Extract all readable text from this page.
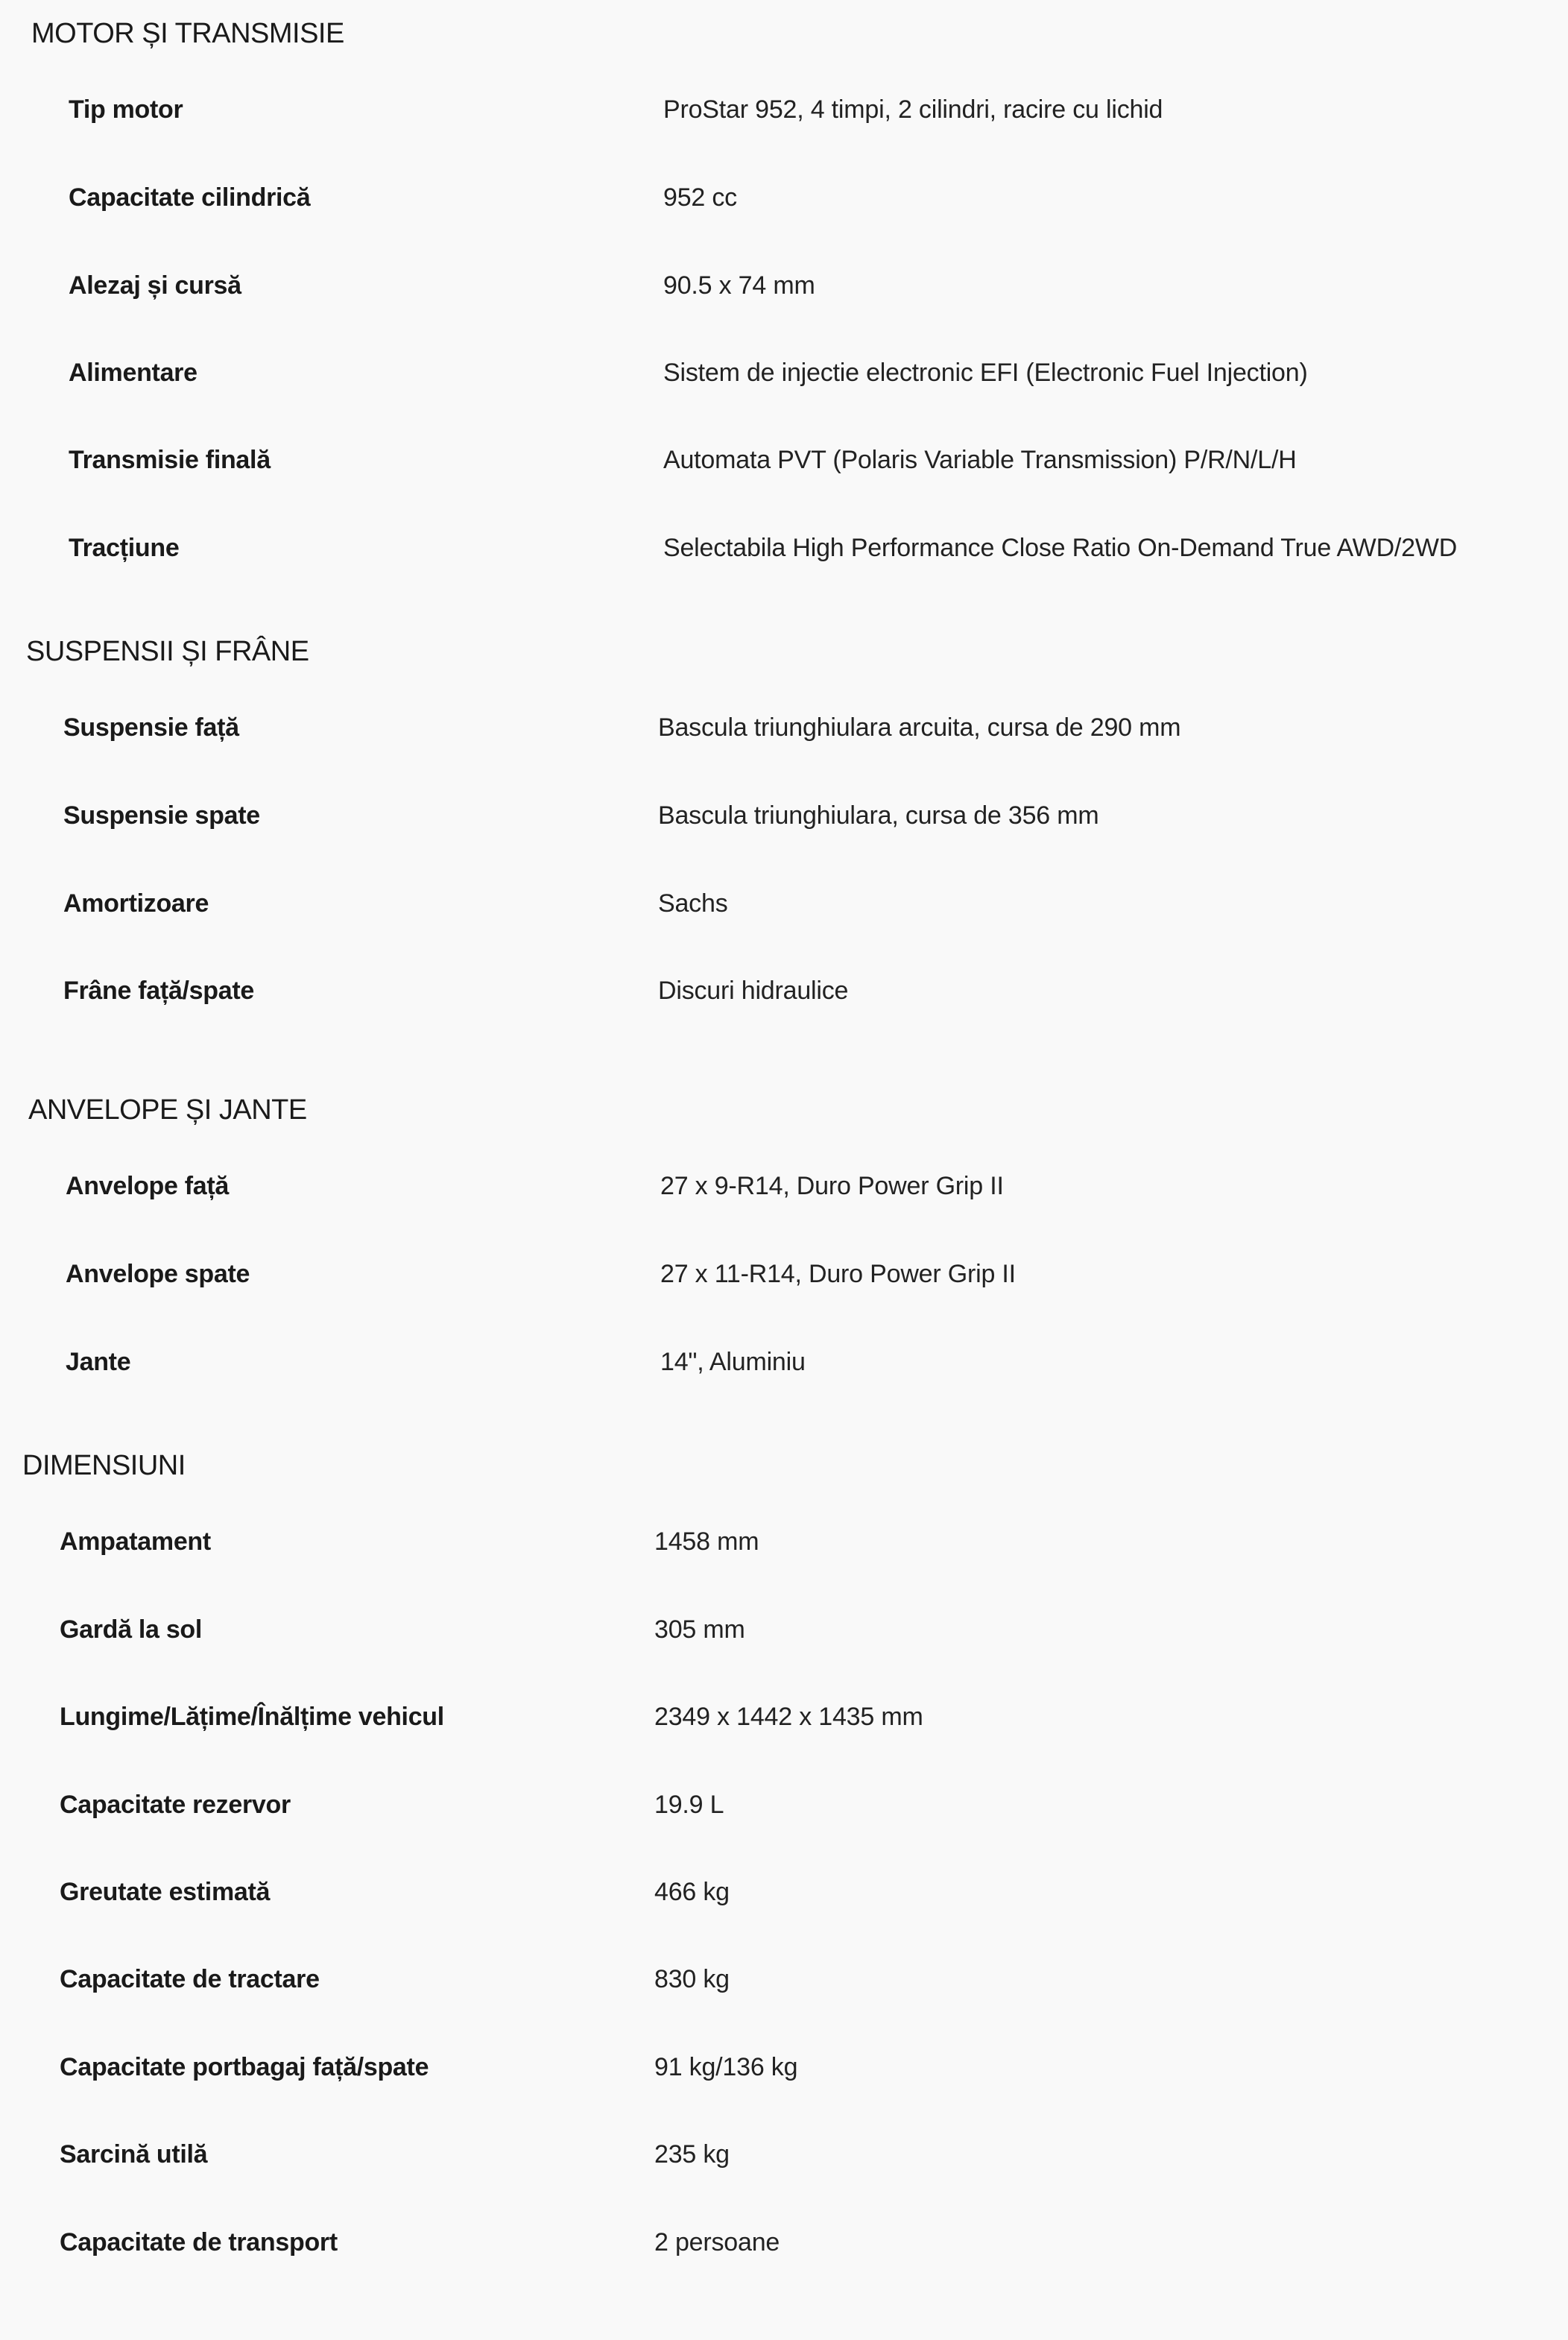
MOTOR ȘI TRANSMISIE
Tip motor	ProStar 952, 4 timpi, 2 cilindri, racire cu lichid
Capacitate cilindrică	952 cc
Alezaj și cursă	90.5 x 74 mm
Alimentare	Sistem de injectie electronic EFI (Electronic Fuel Injection)
Transmisie finală	Automata PVT (Polaris Variable Transmission) P/R/N/L/H
Tracțiune	Selectabila High Performance Close Ratio On-Demand True AWD/2WD
SUSPENSII ȘI FRÂNE
Suspensie față	Bascula triunghiulara arcuita, cursa de 290 mm
Suspensie spate	Bascula triunghiulara, cursa de 356 mm
Amortizoare	Sachs
Frâne față/spate	Discuri hidraulice
ANVELOPE ȘI JANTE
Anvelope față	27 x 9-R14, Duro Power Grip II
Anvelope spate	27 x 11-R14, Duro Power Grip II
Jante	14", Aluminiu
DIMENSIUNI
Ampatament	1458 mm
Gardă la sol	305 mm
Lungime/Lățime/Înălțime vehicul	2349 x 1442 x 1435 mm
Capacitate rezervor	19.9 L
Greutate estimată	466 kg
Capacitate de tractare	830 kg
Capacitate portbagaj față/spate	91 kg/136 kg
Sarcină utilă	235 kg
Capacitate de transport	2 persoane
